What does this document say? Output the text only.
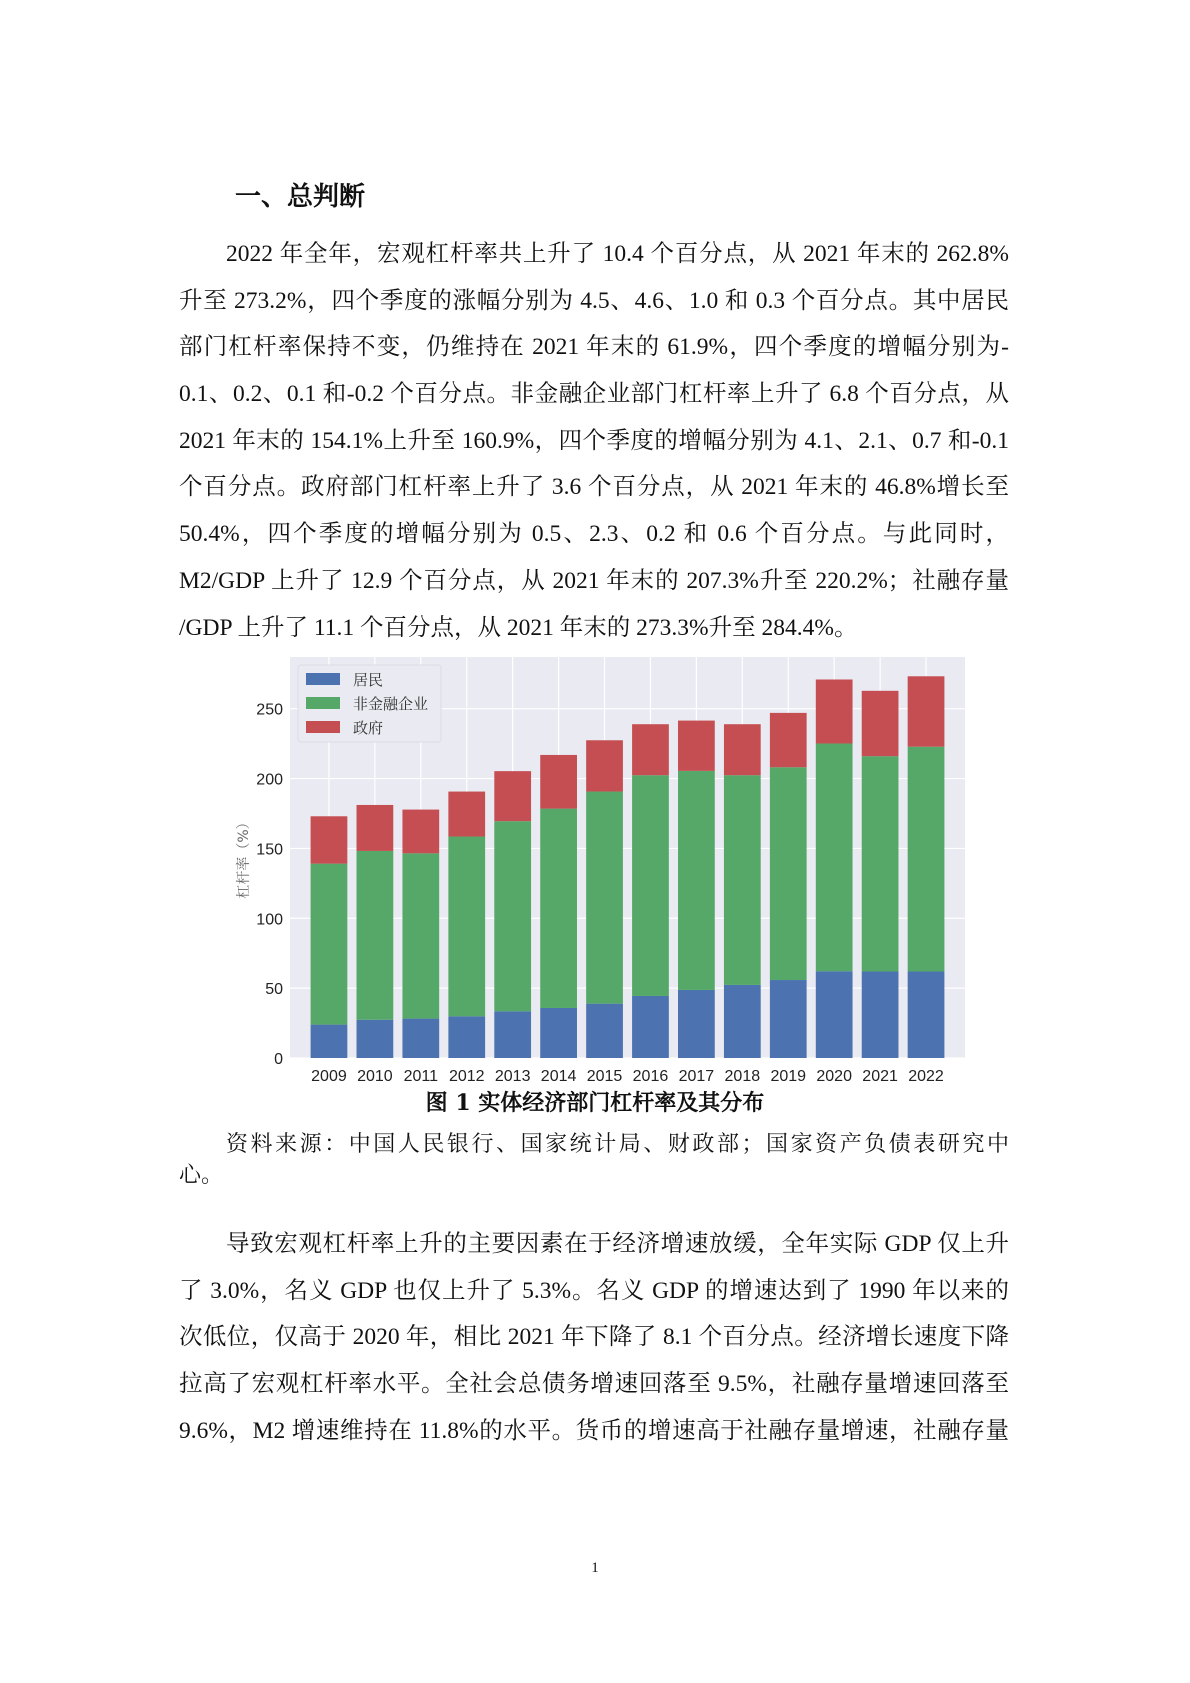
一、总判断
2022 年全年，宏观杠杆率共上升了 10.4 个百分点，从 2021 年末的 262.8%
升至 273.2%，四个季度的涨幅分别为 4.5、4.6、1.0 和 0.3 个百分点。其中居民
部门杠杆率保持不变，仍维持在 2021 年末的 61.9%，四个季度的增幅分别为-
0.1、0.2、0.1 和-0.2 个百分点。非金融企业部门杠杆率上升了 6.8 个百分点，从
2021 年末的 154.1%上升至 160.9%，四个季度的增幅分别为 4.1、2.1、0.7 和-0.1
个百分点。政府部门杠杆率上升了 3.6 个百分点，从 2021 年末的 46.8%增长至
50.4%，四个季度的增幅分别为 0.5、2.3、0.2 和 0.6 个百分点。与此同时，
M2/GDP 上升了 12.9 个百分点，从 2021 年末的 207.3%升至 220.2%；社融存量
/GDP 上升了 11.1 个百分点，从 2021 年末的 273.3%升至 284.4%。
0
50
100
150
200
250
2009 2010 2011 2012 2013 2014 2015 2016 2017 2018 2019 2020 2021 2022
杠杆率（%）
居民
非金融企业
政府
图 1 实体经济部门杠杆率及其分布
资料来源：中国人民银行、国家统计局、财政部；国家资产负债表研究中
心。
导致宏观杠杆率上升的主要因素在于经济增速放缓，全年实际 GDP 仅上升
了 3.0%，名义 GDP 也仅上升了 5.3%。名义 GDP 的增速达到了 1990 年以来的
次低位，仅高于 2020 年，相比 2021 年下降了 8.1 个百分点。经济增长速度下降
拉高了宏观杠杆率水平。全社会总债务增速回落至 9.5%，社融存量增速回落至
9.6%，M2 增速维持在 11.8%的水平。货币的增速高于社融存量增速，社融存量
1
